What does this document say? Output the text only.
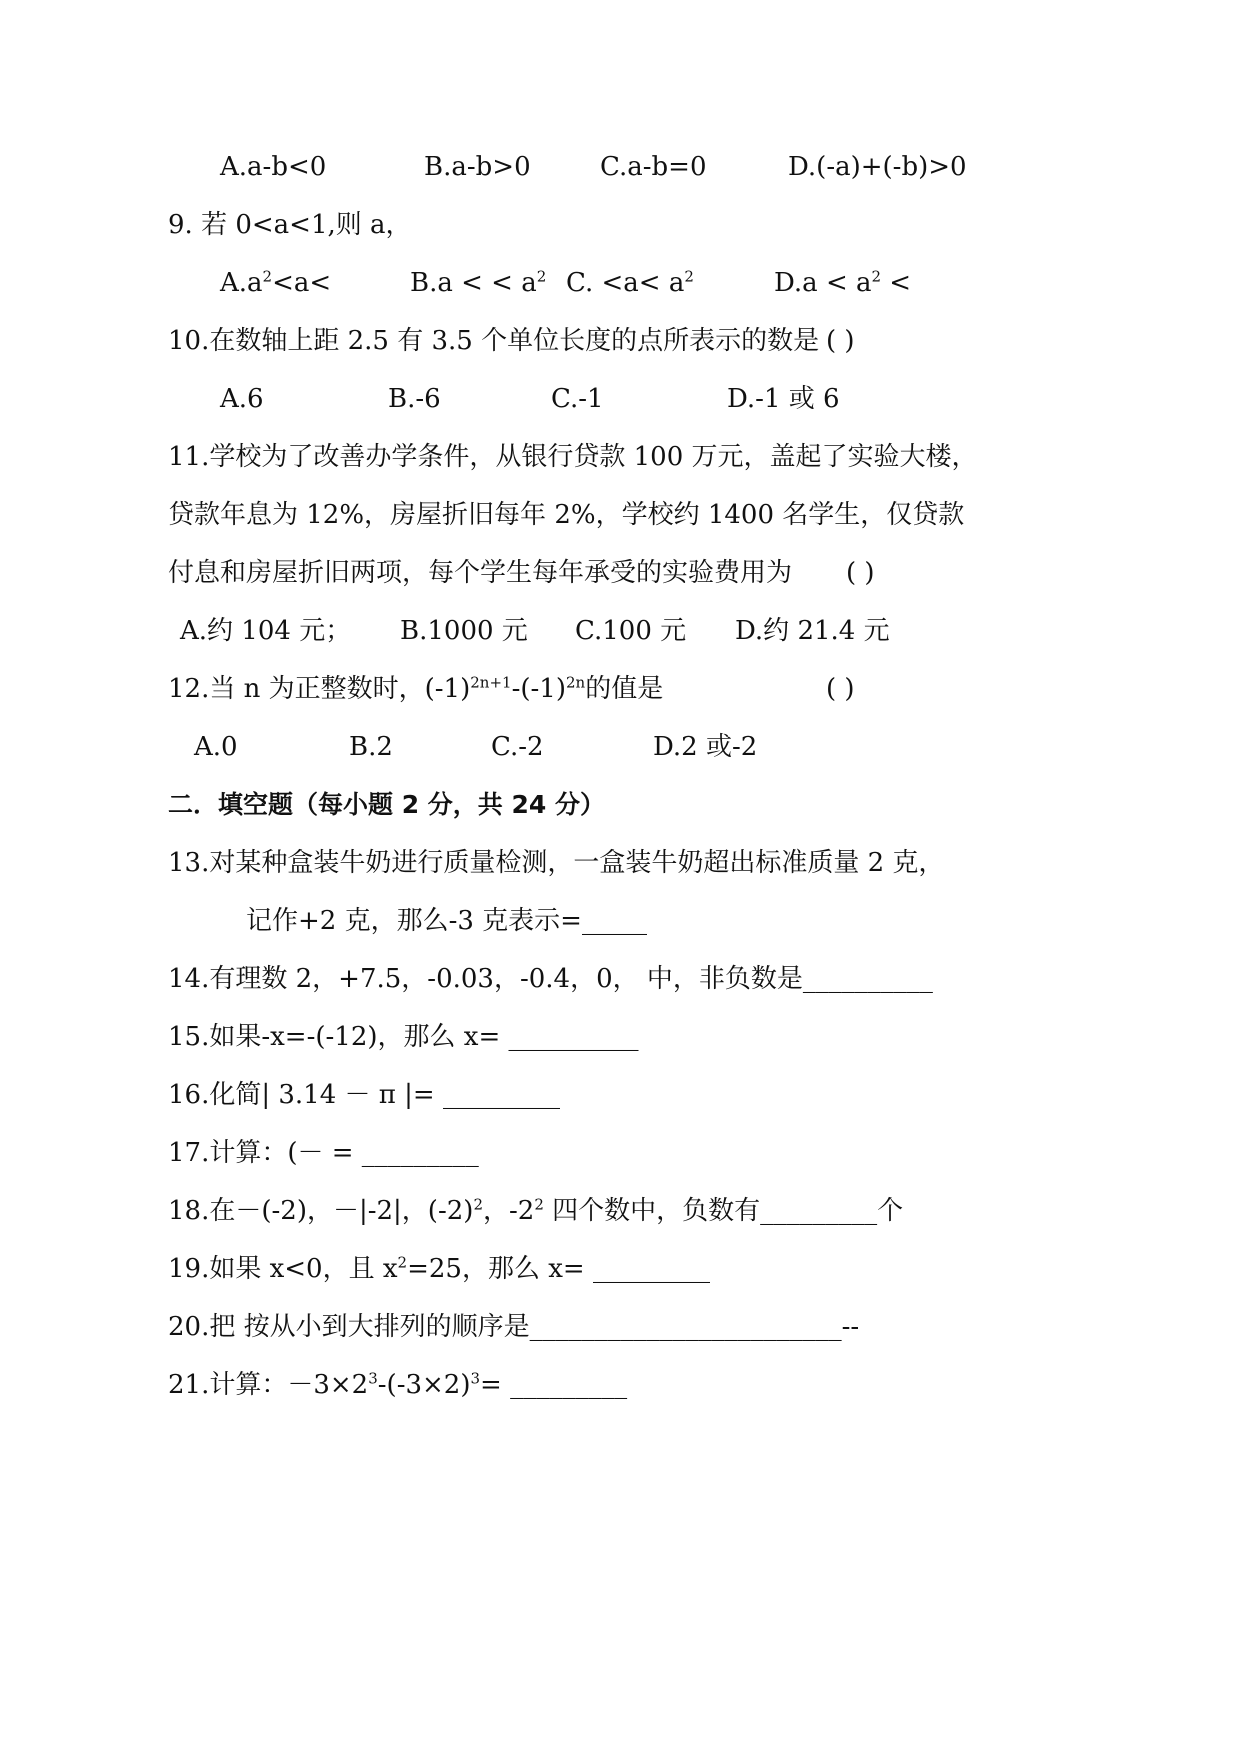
A.a-b<0	B.a-b>0	C.a-b=0	D.(-a)+(-b)>0
9. 若 0<a<1,则 a，
$A.a^2<a<$	B.a < < $a^2$ C. $<a< a^2$	$D.a < a^2$ <
10.在数轴上距 2.5 有 3.5 个单位长度的点所表示的数是 ( )
A.6	B.-6	C.-1	D.-1 或 6
11.学校为了改善办学条件，从银行贷款 100 万元，盖起了实验大楼，
贷款年息为 12%，房屋折旧每年 2%，学校约 1400 名学生，仅贷款
付息和房屋折旧两项，每个学生每年承受的实验费用为 ( )
A.约 104 元； B.1000 元 C.100 元 D.约 21.4 元
12.当 n 为正整数时，$(-1)^{2n+1}-(-1)^{2n}$的值是	( )
A.0	B.2	C.-2	D.2 或-2
二．填空题（每小题 2 分，共 24 分）
13.对某种盒装牛奶进行质量检测，一盒装牛奶超出标准质量 2 克，
记作+2 克，那么-3 克表示=_____
14.有理数 2，+7.5，-0.03，-0.4，0， 中，非负数是__________
15.如果-x=-(-12)，那么 x= __________
16.化简| 3.14 － π |= _________
17.计算：(－ = _________
18.在－(-2)，－|-2|，$(-2)^2$，$-2^2$ 四个数中，负数有_________个
19.如果 x<0，且 $x^2=25$，那么 x= _________
20.把 按从小到大排列的顺序是________________________--
21.计算：$-3\times 2^3-(-3\times 2)^3=$ _________
